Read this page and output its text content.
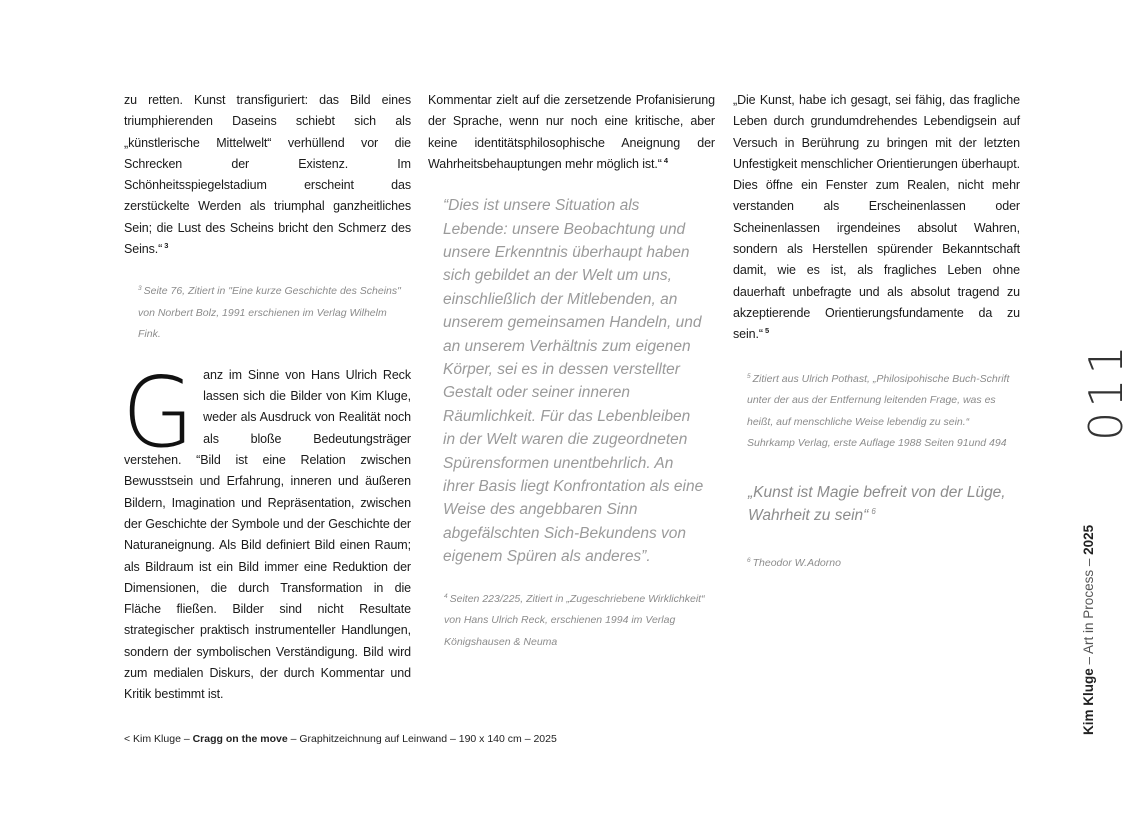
zu retten. Kunst transfiguriert: das Bild eines triumphierenden Daseins schiebt sich als „künstlerische Mittelwelt“ verhüllend vor die Schrecken der Existenz. Im Schönheitsspiegelstadium erscheint das zerstückelte Werden als triumphal ganzheitliches Sein; die Lust des Scheins bricht den Schmerz des Seins.“ $^3$

$^3$ Seite 76, Zitiert in "Eine kurze Geschichte des Scheins" von Norbert Bolz, 1991 erschienen im Verlag Wilhelm Fink.
G anz im Sinne von Hans Ulrich Reck lassen sich die Bilder von Kim Kluge, weder als Ausdruck von Realität noch als bloße Bedeutungsträger verstehen. “Bild ist eine Relation zwischen Bewusstsein und Erfahrung, inneren und äußeren Bildern, Imagination und Repräsentation, zwischen der Geschichte der Symbole und der Geschichte der Naturaneignung. Als Bild definiert Bild einen Raum; als Bildraum ist ein Bild immer eine Reduktion der Dimensionen, die durch Transformation in die Fläche fließen. Bilder sind nicht Resultate strategischer praktisch instrumenteller Handlungen, sondern der symbolischen Verständigung. Bild wird zum medialen Diskurs, der durch Kommentar und Kritik bestimmt ist.

Kommentar zielt auf die zersetzende Profanisierung der Sprache, wenn nur noch eine kritische, aber keine identitätsphilosophische Aneignung der Wahrheitsbehauptungen mehr möglich ist.“ $^4$

“Dies ist unsere Situation als Lebende: unsere Beobachtung und unsere Erkenntnis überhaupt haben sich gebildet an der Welt um uns, einschließlich der Mitlebenden, an unserem gemeinsamen Handeln, und an unserem Verhältnis zum eigenen Körper, sei es in dessen verstellter Gestalt oder seiner inneren Räumlichkeit. Für das Lebenbleiben in der Welt waren die zugeordneten Spürensformen unentbehrlich. An ihrer Basis liegt Konfrontation als eine Weise des angebbaren Sinn abgefälschten Sich-Bekundens von eigenem Spüren als anderes”.
$^4$ Seiten 223/225, Zitiert in „Zugeschriebene Wirklichkeit“ von Hans Ulrich Reck, erschienen 1994 im Verlag Königshausen & Neuma

„Die Kunst, habe ich gesagt, sei fähig, das fragliche Leben durch grundumdrehendes Lebendigsein auf Versuch in Berührung zu bringen mit der letzten Unfestigkeit menschlicher Orientierungen überhaupt. Dies öffne ein Fenster zum Realen, nicht mehr verstanden als Erscheinenlassen oder Scheinenlassen irgendeines absolut Wahren, sondern als Herstellen spürender Bekanntschaft damit, wie es ist, als fragliches Leben ohne dauerhaft unbefragte und als absolut tragend zu akzeptierende Orientierungsfundamente da zu sein.“ $^5$

$^5$ Zitiert aus Ulrich Pothast, „Philosipohische Buch-Schrift unter der aus der Entfernung leitenden Frage, was es heißt, auf menschliche Weise lebendig zu sein.“ Suhrkamp Verlag, erste Auflage 1988 Seiten 91und 494
„Kunst ist Magie befreit von der Lüge, Wahrheit zu sein“ $^6$
$^6$ Theodor W.Adorno
< Kim Kluge – Cragg on the move – Graphitzeichnung auf Leinwand – 190 x 140 cm – 2025
011
Kim Kluge – Art in Process – 2025
